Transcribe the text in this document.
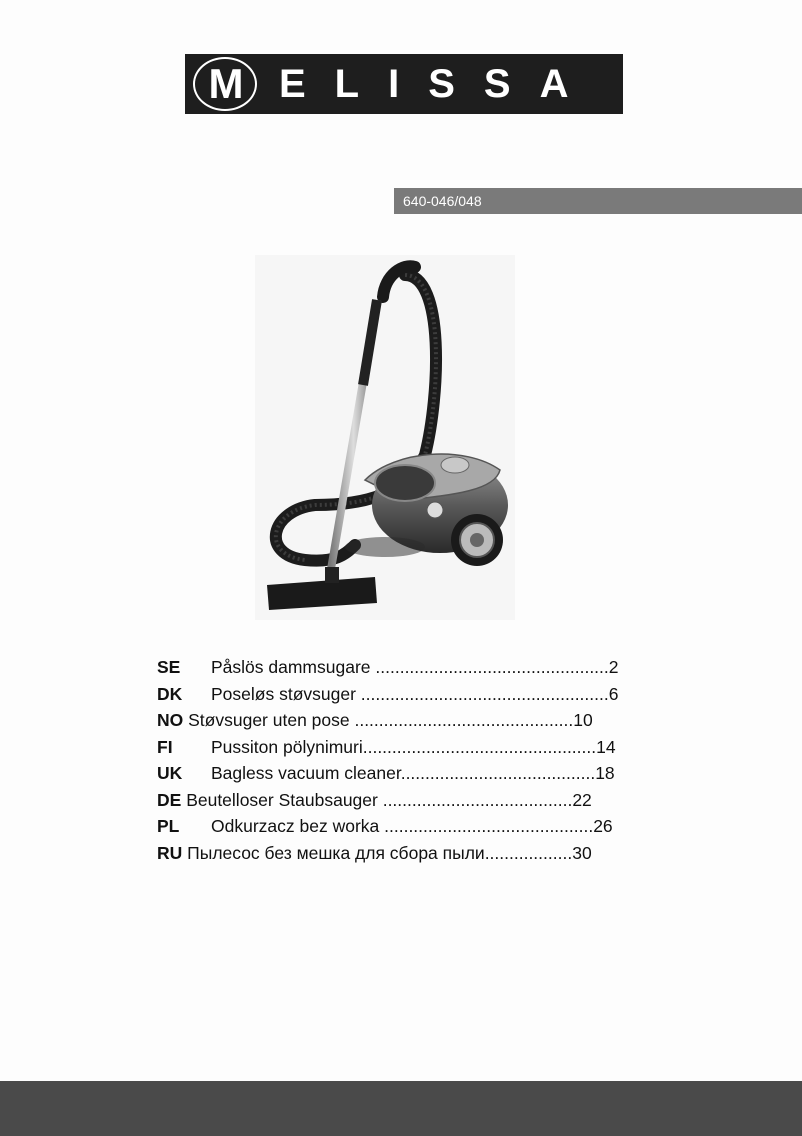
M ELISSA
640-046/048
SE Påslös dammsugare ................................................2
DK Poseløs støvsuger ...................................................6
NO Støvsuger uten pose .............................................10
FI Pussiton pölynimuri................................................14
UK Bagless vacuum cleaner........................................18
DE Beutelloser Staubsauger .......................................22
PL Odkurzacz bez worka ...........................................26
RU Пылесос без мешка для сбора пыли..................30
